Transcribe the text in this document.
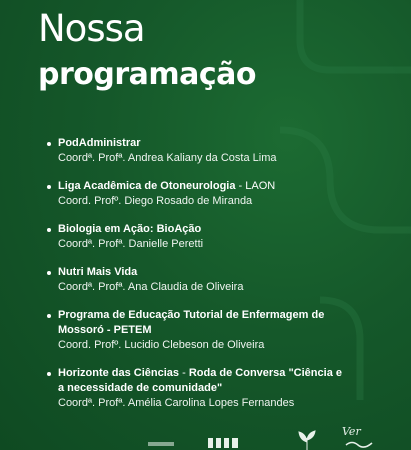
Nossa
programação
PodAdministrar
Coordª. Profª. Andrea Kaliany da Costa Lima
Liga Acadêmica de Otoneurologia - LAON
Coord. Profº. Diego Rosado de Miranda
Biologia em Ação: BioAção
Coordª. Profª. Danielle Peretti
Nutri Mais Vida
Coordª. Profª. Ana Claudia de Oliveira
Programa de Educação Tutorial de Enfermagem de
Mossoró - PETEM
Coord. Profº. Lucidio Clebeson de Oliveira
Horizonte das Ciências - Roda de Conversa "Ciência e
a necessidade de comunidade"
Coordª. Profª. Amélia Carolina Lopes Fernandes
Ver
